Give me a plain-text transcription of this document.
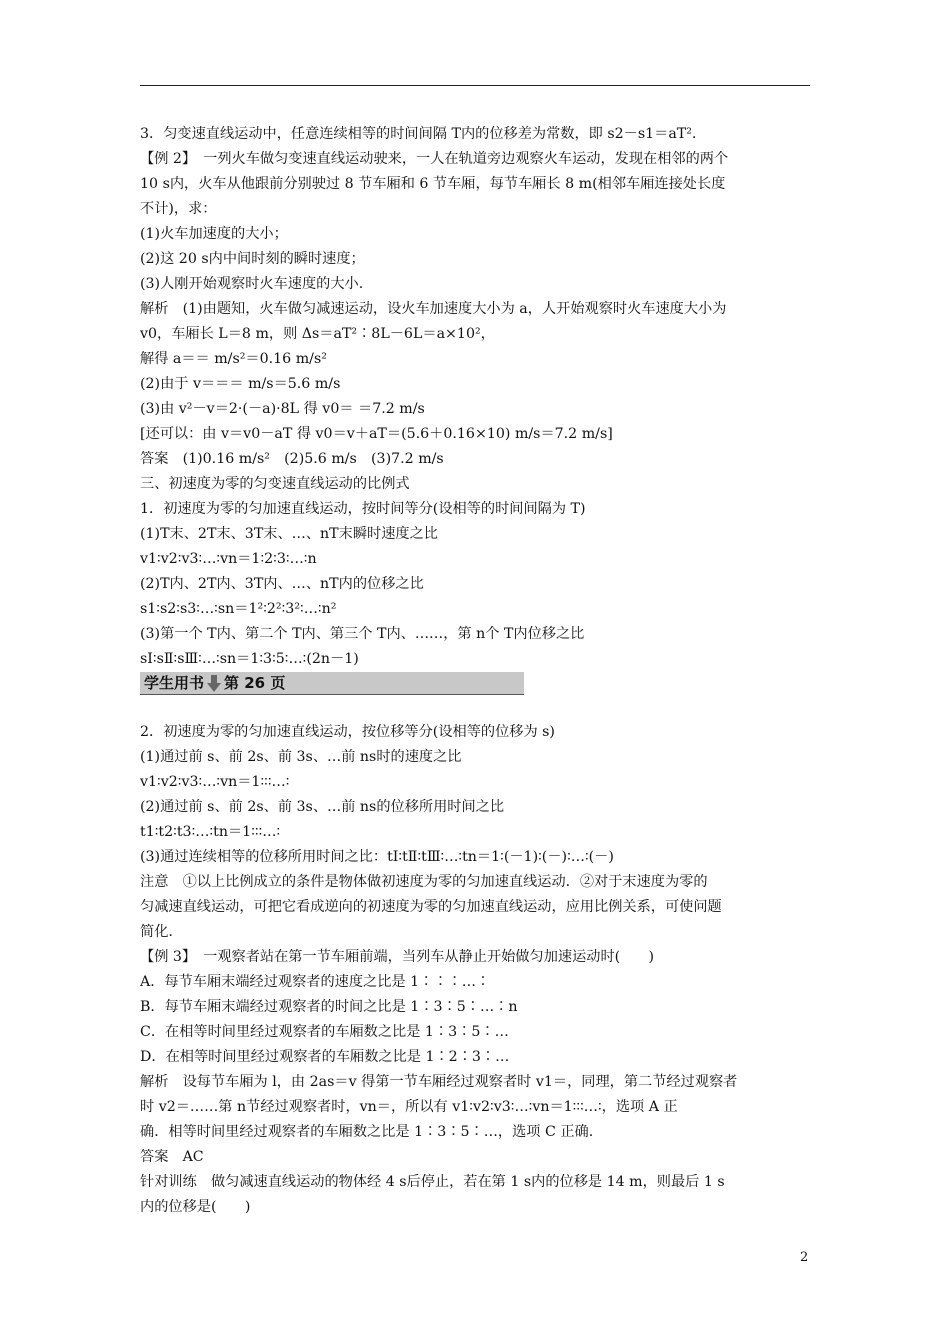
3．匀变速直线运动中，任意连续相等的时间间隔 T内的位移差为常数，即 s2－s1＝aT².
【例 2】　一列火车做匀变速直线运动驶来，一人在轨道旁边观察火车运动，发现在相邻的两个
10 s内，火车从他跟前分别驶过 8 节车厢和 6 节车厢，每节车厢长 8 m(相邻车厢连接处长度
不计)，求：
(1)火车加速度的大小；
(2)这 20 s内中间时刻的瞬时速度；
(3)人刚开始观察时火车速度的大小.
解析　(1)由题知，火车做匀减速运动，设火车加速度大小为 a，人开始观察时火车速度大小为
v0，车厢长 L＝8 m，则 Δs＝aT²∶8L－6L＝a×10²，
解得 a＝＝ m/s²＝0.16 m/s²
(2)由于 v＝＝＝ m/s＝5.6 m/s
(3)由 v²－v＝2·(－a)·8L 得 v0＝ ＝7.2 m/s
[还可以：由 v＝v0－aT 得 v0＝v＋aT＝(5.6＋0.16×10) m/s＝7.2 m/s]
答案　(1)0.16 m/s²　(2)5.6 m/s　(3)7.2 m/s
三、初速度为零的匀变速直线运动的比例式
1．初速度为零的匀加速直线运动，按时间等分(设相等的时间间隔为 T)
(1)T末、2T末、3T末、…、nT末瞬时速度之比
v1∶v2∶v3∶…∶vn＝1∶2∶3∶…∶n
(2)T内、2T内、3T内、…、nT内的位移之比
s1∶s2∶s3∶…∶sn＝1²∶2²∶3²∶…∶n²
(3)第一个 T内、第二个 T内、第三个 T内、……，第 n个 T内位移之比
sⅠ∶sⅡ∶sⅢ∶…∶sn＝1∶3∶5∶…∶(2n－1)
学生用书 第 26 页
2．初速度为零的匀加速直线运动，按位移等分(设相等的位移为 s)
(1)通过前 s、前 2s、前 3s、…前 ns时的速度之比
v1∶v2∶v3∶…∶vn＝1∶∶∶…∶
(2)通过前 s、前 2s、前 3s、…前 ns的位移所用时间之比
t1∶t2∶t3∶…∶tn＝1∶∶∶…∶
(3)通过连续相等的位移所用时间之比：tⅠ∶tⅡ∶tⅢ∶…∶tn＝1∶(－1)∶(－)∶…∶(－)
注意　①以上比例成立的条件是物体做初速度为零的匀加速直线运动．②对于末速度为零的
匀减速直线运动，可把它看成逆向的初速度为零的匀加速直线运动，应用比例关系，可使问题
简化.
【例 3】　一观察者站在第一节车厢前端，当列车从静止开始做匀加速运动时(　　)
A．每节车厢末端经过观察者的速度之比是 1∶∶∶…∶
B．每节车厢末端经过观察者的时间之比是 1∶3∶5∶…∶n
C．在相等时间里经过观察者的车厢数之比是 1∶3∶5∶…
D．在相等时间里经过观察者的车厢数之比是 1∶2∶3∶…
解析　设每节车厢为 l，由 2as＝v 得第一节车厢经过观察者时 v1＝，同理，第二节经过观察者
时 v2＝……第 n节经过观察者时，vn＝，所以有 v1∶v2∶v3∶…∶vn＝1∶∶∶…∶，选项 A 正
确．相等时间里经过观察者的车厢数之比是 1∶3∶5∶…，选项 C 正确.
答案　AC
针对训练　做匀减速直线运动的物体经 4 s后停止，若在第 1 s内的位移是 14 m，则最后 1 s
内的位移是(　　)
2
